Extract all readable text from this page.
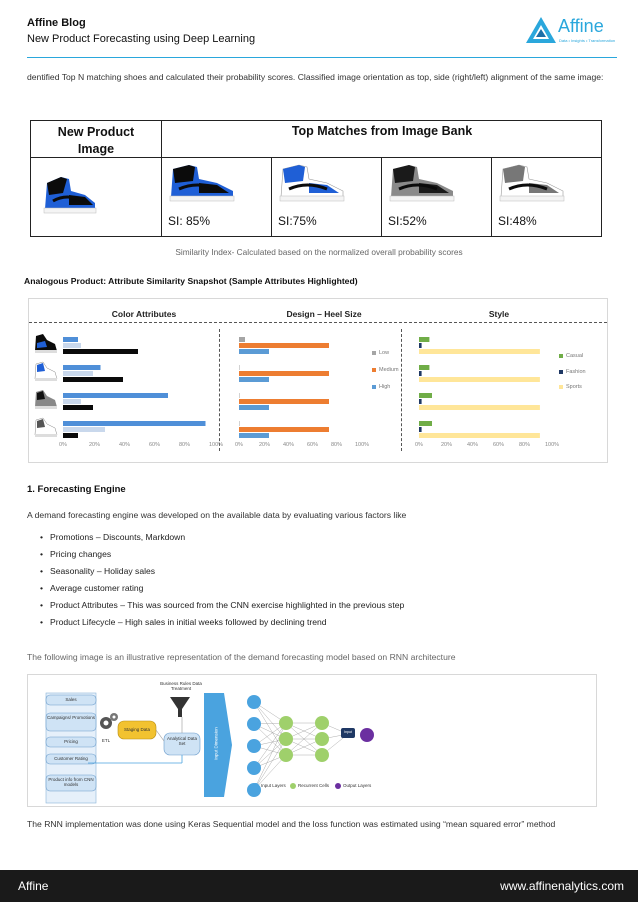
Affine Blog
New Product Forecasting using Deep Learning
Affine
Data • Insights • Transformation
dentified Top N matching shoes and calculated their probability scores. Classified image orientation as top, side (right/left) alignment of the same image:
New Product Image
Top Matches from Image Bank
SI: 85%	SI:75%	SI:52%	SI:48%
Similarity Index- Calculated based on the normalized overall probability scores
Analogous Product: Attribute Similarity Snapshot (Sample Attributes Highlighted)
Color Attributes	Design – Heel Size	Style
Low
Medium
High
Casual
Fashion
Sports
0%	20%	40%	60%	80%	100% 0%	20% 40% 60% 80% 100%	0%	20%	40%	60%	80%	100%
1. Forecasting Engine
A demand forecasting engine was developed on the available data by evaluating various factors like
• Promotions – Discounts, Markdown
• Pricing changes
• Seasonality – Holiday sales
• Average customer rating
• Product Attributes – This was sourced from the CNN exercise highlighted in the previous step
• Product Lifecycle – High sales in initial weeks followed by declining trend
The following image is an illustrative representation of the demand forecasting model based on RNN architecture
Sales
Campaigns/ Promotions
Pricing
Customer Rating
Product info from CNN models
ETL
Staging Data
Business Rules Data Treatment
Analytical Data Set	Input Dimension	Input
Input Layers	Recurrent Cells	Output Layers
The RNN implementation was done using Keras Sequential model and the loss function was estimated using “mean squared error” method
Affine	www.affinenalytics.com
